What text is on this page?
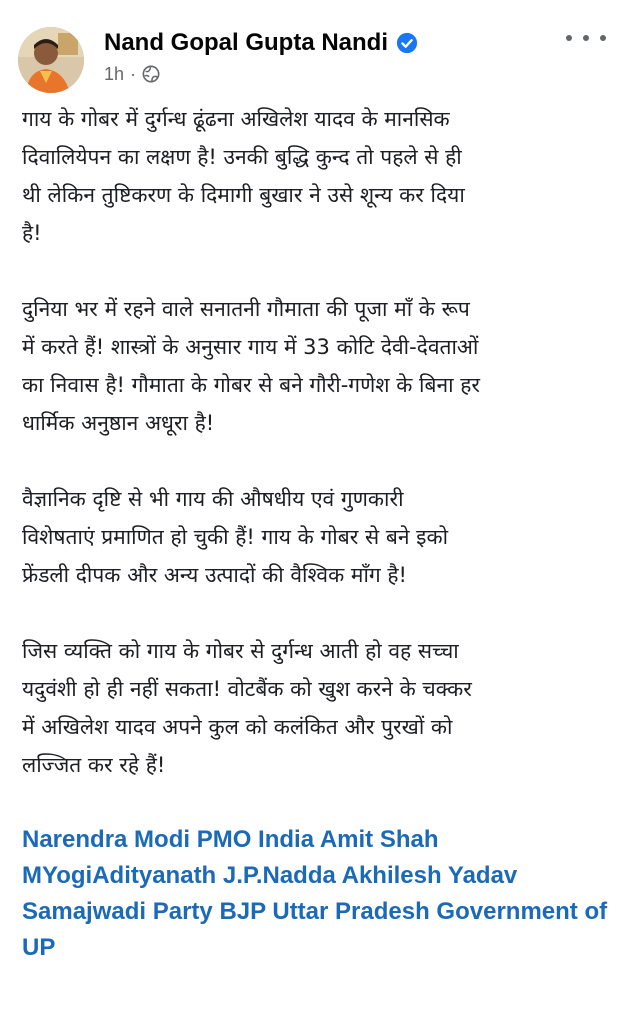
Nand Gopal Gupta Nandi
1h ·

गाय के गोबर में दुर्गन्ध ढूंढना अखिलेश यादव के मानसिक
दिवालियेपन का लक्षण है! उनकी बुद्धि कुन्द तो पहले से ही
थी लेकिन तुष्टिकरण के दिमागी बुखार ने उसे शून्य कर दिया
है!

दुनिया भर में रहने वाले सनातनी गौमाता की पूजा माँ के रूप
में करते हैं! शास्त्रों के अनुसार गाय में 33 कोटि देवी-देवताओं
का निवास है! गौमाता के गोबर से बने गौरी-गणेश के बिना हर
धार्मिक अनुष्ठान अधूरा है!

वैज्ञानिक दृष्टि से भी गाय की औषधीय एवं गुणकारी
विशेषताएं प्रमाणित हो चुकी हैं! गाय के गोबर से बने इको
फ्रेंडली दीपक और अन्य उत्पादों की वैश्विक माँग है!

जिस व्यक्ति को गाय के गोबर से दुर्गन्ध आती हो वह सच्चा
यदुवंशी हो ही नहीं सकता! वोटबैंक को खुश करने के चक्कर
में अखिलेश यादव अपने कुल को कलंकित और पुरखों को
लज्जित कर रहे हैं!

Narendra Modi PMO India Amit Shah MYogiAdityanath J.P.Nadda Akhilesh Yadav Samajwadi Party BJP Uttar Pradesh Government of UP
